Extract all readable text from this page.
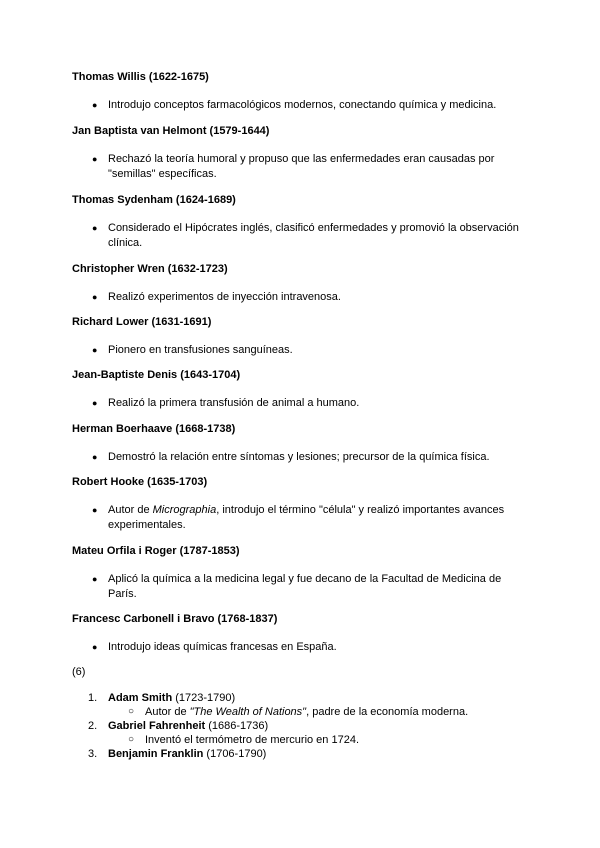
Thomas Willis (1622-1675)
● Introdujo conceptos farmacológicos modernos, conectando química y medicina.
Jan Baptista van Helmont (1579-1644)
● Rechazó la teoría humoral y propuso que las enfermedades eran causadas por
"semillas" específicas.
Thomas Sydenham (1624-1689)
● Considerado el Hipócrates inglés, clasificó enfermedades y promovió la observación
clínica.
Christopher Wren (1632-1723)
● Realizó experimentos de inyección intravenosa.
Richard Lower (1631-1691)
● Pionero en transfusiones sanguíneas.
Jean-Baptiste Denis (1643-1704)
● Realizó la primera transfusión de animal a humano.
Herman Boerhaave (1668-1738)
● Demostró la relación entre síntomas y lesiones; precursor de la química física.
Robert Hooke (1635-1703)
● Autor de Micrographia, introdujo el término "célula" y realizó importantes avances
experimentales.
Mateu Orfila i Roger (1787-1853)
● Aplicó la química a la medicina legal y fue decano de la Facultad de Medicina de
París.
Francesc Carbonell i Bravo (1768-1837)
● Introdujo ideas químicas francesas en España.
(6)
1. Adam Smith (1723-1790)
○ Autor de "The Wealth of Nations", padre de la economía moderna.
2. Gabriel Fahrenheit (1686-1736)
○ Inventó el termómetro de mercurio en 1724.
3. Benjamin Franklin (1706-1790)
